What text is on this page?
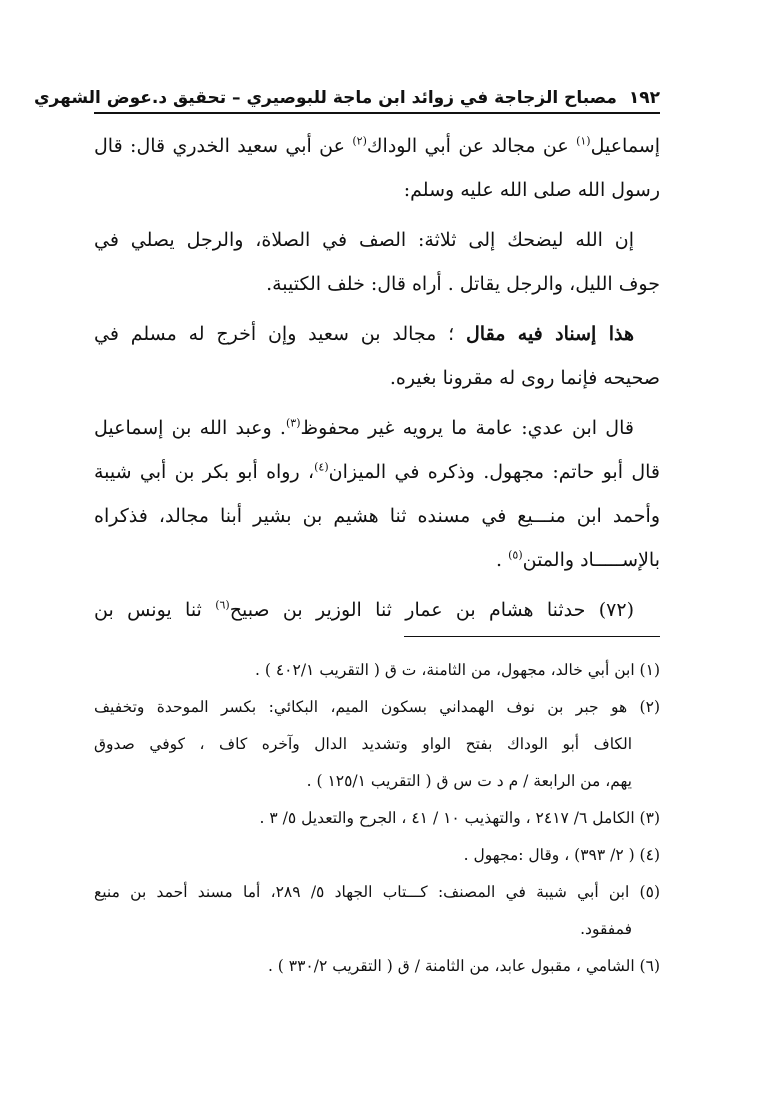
١٩٢ مصباح الزجاجة في زوائد ابن ماجة للبوصيري – تحقيق د.عوض الشهري
إسماعيل$^{(١)}$ عن مجالد عن أبي الوداك$^{(٢)}$ عن أبي سعيد الخدري قال: قال
رسول الله صلى الله عليه وسلم:
إن الله ليضحك إلى ثلاثة: الصف في الصلاة، والرجل يصلي في
جوف الليل، والرجل يقاتل . أراه قال: خلف الكتيبة.
هذا إسناد فيه مقال ؛ مجالد بن سعيد وإن أخرج له مسلم في
صحيحه فإنما روى له مقرونا بغيره.
قال ابن عدي: عامة ما يرويه غير محفوظ$^{(٣)}$. وعبد الله بن إسماعيل
قال أبو حاتم: مجهول. وذكره في الميزان$^{(٤)}$، رواه أبو بكر بن أبي شيبة
وأحمد ابن منـــيع في مسنده ثنا هشيم بن بشير أبنا مجالد، فذكراه
بالإســـــاد والمتن$^{(٥)}$ .
(٧٢) حدثنا هشام بن عمار ثنا الوزير بن صبيح$^{(٦)}$ ثنا يونس بن
(١) ابن أبي خالد، مجهول، من الثامنة، ت ق ( التقريب ٤٠٢/١ ) .
(٢) هو جبر بن نوف الهمداني بسكون الميم، البكائي: بكسر الموحدة وتخفيف
الكاف أبو الوداك بفتح الواو وتشديد الدال وآخره كاف ، كوفي صدوق
يهم، من الرابعة / م د ت س ق ( التقريب ١٢٥/١ ) .
(٣) الكامل ٦/ ٢٤١٧ ، والتهذيب ١٠ / ٤١ ، الجرح والتعديل ٥/ ٣ .
(٤) ( ٢/ ٣٩٣) ، وقال :مجهول .
(٥) ابن أبي شيبة في المصنف: كـــتاب الجهاد ٥/ ٢٨٩، أما مسند أحمد بن منيع
فمفقود.
(٦) الشامي ، مقبول عابد، من الثامنة / ق ( التقريب ٣٣٠/٢ ) .
